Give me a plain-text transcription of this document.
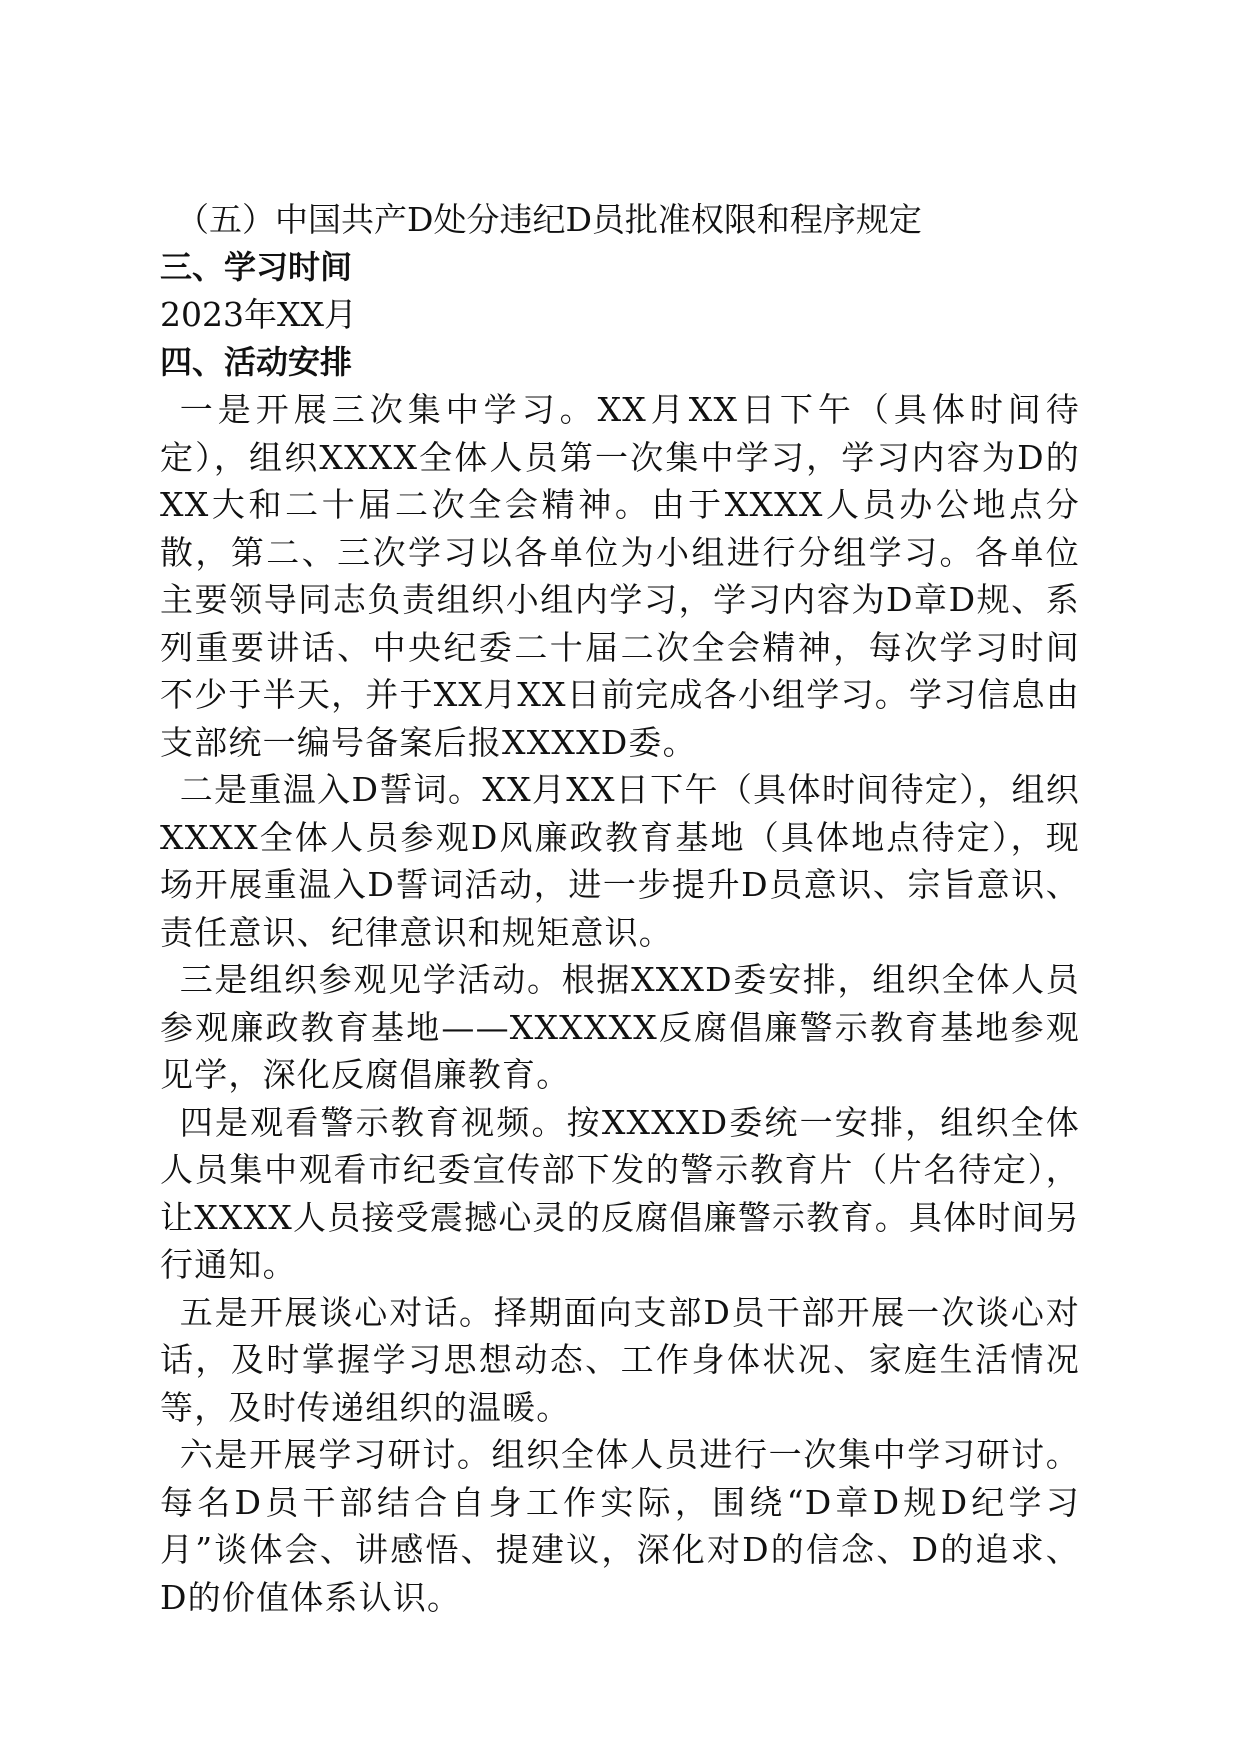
（五）中国共产D处分违纪D员批准权限和程序规定

三、学习时间

2023年XX月

四、活动安排

一是开展三次集中学习。XX月XX日下午（具体时间待定），组织XXXX全体人员第一次集中学习，学习内容为D的XX大和二十届二次全会精神。由于XXXX人员办公地点分散，第二、三次学习以各单位为小组进行分组学习。各单位主要领导同志负责组织小组内学习，学习内容为D章D规、系列重要讲话、中央纪委二十届二次全会精神，每次学习时间不少于半天，并于XX月XX日前完成各小组学习。学习信息由支部统一编号备案后报XXXXD委。

二是重温入D誓词。XX月XX日下午（具体时间待定），组织XXXX全体人员参观D风廉政教育基地（具体地点待定），现场开展重温入D誓词活动，进一步提升D员意识、宗旨意识、责任意识、纪律意识和规矩意识。

三是组织参观见学活动。根据XXXD委安排，组织全体人员参观廉政教育基地——XXXXXX反腐倡廉警示教育基地参观见学，深化反腐倡廉教育。

四是观看警示教育视频。按XXXXD委统一安排，组织全体人员集中观看市纪委宣传部下发的警示教育片（片名待定），让XXXX人员接受震撼心灵的反腐倡廉警示教育。具体时间另行通知。

五是开展谈心对话。择期面向支部D员干部开展一次谈心对话，及时掌握学习思想动态、工作身体状况、家庭生活情况等，及时传递组织的温暖。

六是开展学习研讨。组织全体人员进行一次集中学习研讨。每名D员干部结合自身工作实际，围绕“D章D规D纪学习月”谈体会、讲感悟、提建议，深化对D的信念、D的追求、D的价值体系认识。
